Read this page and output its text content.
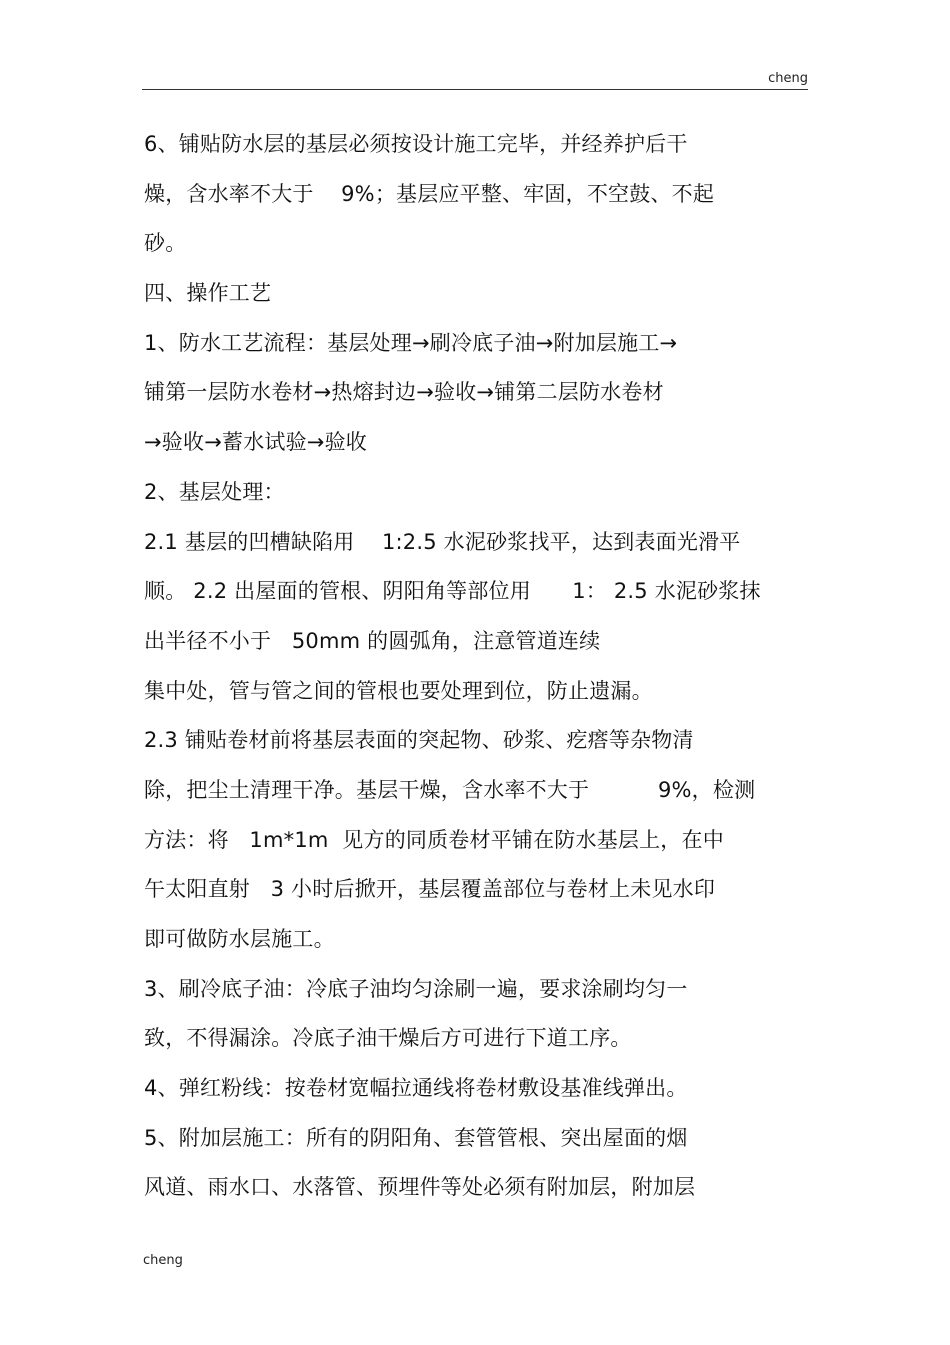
cheng
6、铺贴防水层的基层必须按设计施工完毕，并经养护后干
燥，含水率不大于    9%；基层应平整、牢固，不空鼓、不起
砂。
四、操作工艺
1、防水工艺流程：基层处理→刷冷底子油→附加层施工→
铺第一层防水卷材→热熔封边→验收→铺第二层防水卷材
→验收→蓄水试验→验收
2、基层处理：
2.1 基层的凹槽缺陷用    1:2.5 水泥砂浆找平，达到表面光滑平
顺。 2.2 出屋面的管根、阴阳角等部位用      1： 2.5 水泥砂浆抹
出半径不小于   50mm 的圆弧角，注意管道连续
集中处，管与管之间的管根也要处理到位，防止遗漏。
2.3 铺贴卷材前将基层表面的突起物、砂浆、疙瘩等杂物清
除，把尘土清理干净。基层干燥，含水率不大于          9%，检测
方法：将   1m*1m  见方的同质卷材平铺在防水基层上，在中
午太阳直射   3 小时后掀开，基层覆盖部位与卷材上未见水印
即可做防水层施工。
3、刷冷底子油：冷底子油均匀涂刷一遍，要求涂刷均匀一
致，不得漏涂。冷底子油干燥后方可进行下道工序。
4、弹红粉线：按卷材宽幅拉通线将卷材敷设基准线弹出。
5、附加层施工：所有的阴阳角、套管管根、突出屋面的烟
风道、雨水口、水落管、预埋件等处必须有附加层，附加层
cheng
